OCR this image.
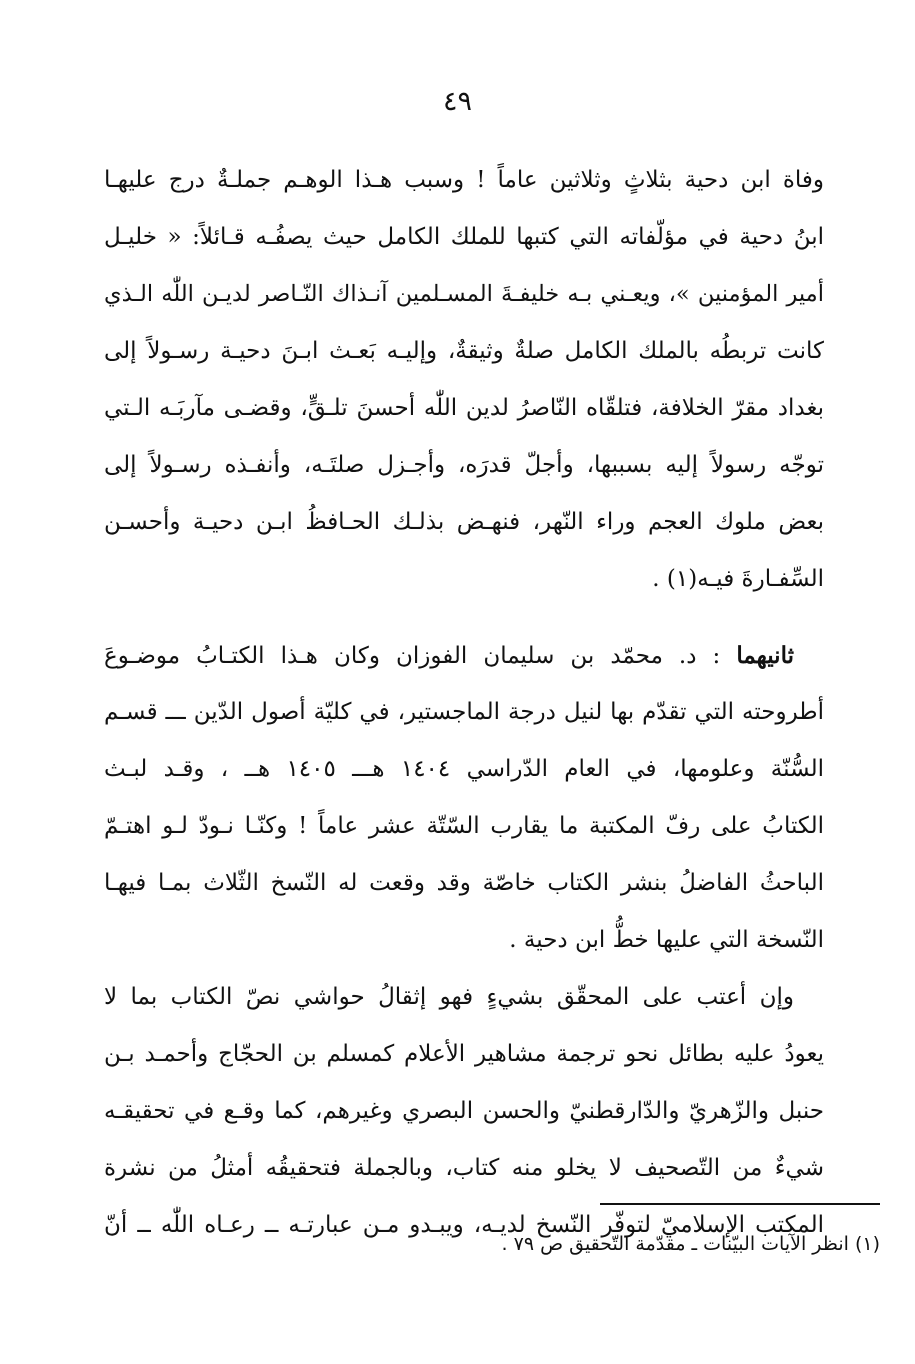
٤٩
وفاة ابن دحية بثلاثٍ وثلاثين عاماً ! وسبب هـذا الوهـم جملـةٌ درج عليهـا
ابنُ دحية في مؤلّفاته التي كتبها للملك الكامل حيث يصفُـه قـائلاً: « خليـل
أمير المؤمنين »، ويعـني بـه خليفـةَ المسـلمين آنـذاك النّـاصر لديـن اللّٰه الـذي
كانت تربطُه بالملك الكامل صلةٌ وثيقةٌ، وإليـه بَعـث ابـنَ دحيـة رسـولاً إلى
بغداد مقرّ الخلافة، فتلقّاه النّاصرُ لدين اللّٰه أحسنَ تلـقٍّ، وقضـى مآربَـه الـتي
توجّه رسولاً إليه بسببها، وأجلّ قدرَه، وأجـزل صلتَـه، وأنفـذه رسـولاً إلى
بعض ملوك العجم وراء النّهر، فنهـض بذلـك الحـافظُ ابـن دحيـة وأحسـن
السِّفـارةَ فيـه(١) .
ثانيهما : د. محمّد بن سليمان الفوزان وكان هـذا الكتـابُ موضـوعَ
أطروحته التي تقدّم بها لنيل درجة الماجستير، في كليّة أصول الدّين ـــ قسـم
السُّنّة وعلومها، في العام الدّراسي ١٤٠٤ هـــ ١٤٠٥ هــ ، وقـد لبـث
الكتابُ على رفّ المكتبة ما يقارب السّتّة عشر عاماً ! وكنّـا نـودّ لـو اهتـمّ
الباحثُ الفاضلُ بنشر الكتاب خاصّة وقد وقعت له النّسخ الثّلاث بمـا فيهـا
النّسخة التي عليها خطُّ ابن دحية .
وإن أعتب على المحقّق بشيءٍ فهو إثقالُ حواشي نصّ الكتاب بما لا
يعودُ عليه بطائل نحو ترجمة مشاهير الأعلام كمسلم بن الحجّاج وأحمـد بـن
حنبل والزّهريّ والدّارقطنيّ والحسن البصري وغيرهم، كما وقـع في تحقيقـه
شيءٌ من التّصحيف لا يخلو منه كتاب، وبالجملة فتحقيقُه أمثلُ من نشرة
المكتب الإسلاميّ لتوفّر النّسخ لديـه، ويبـدو مـن عبارتـه ــ رعـاه اللّٰه ــ أنّ
(١) انظر الآيات البيّنات ـ مقدّمة التّحقيق ص ٧٩ .
